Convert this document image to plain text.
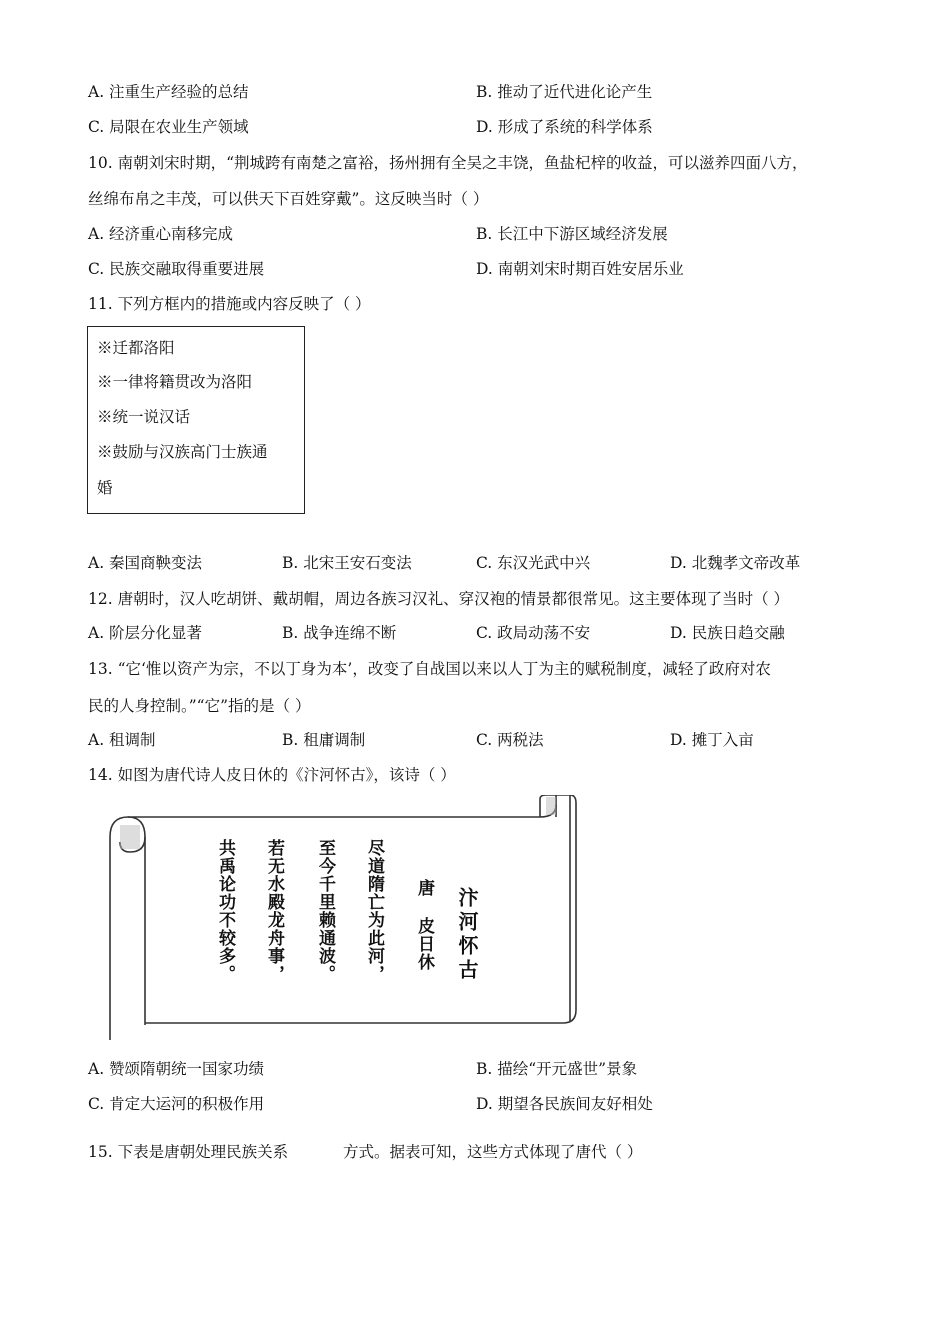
A. 注重生产经验的总结	B. 推动了近代进化论产生
C. 局限在农业生产领域	D. 形成了系统的科学体系
10. 南朝刘宋时期，“荆城跨有南楚之富裕，扬州拥有全吴之丰饶，鱼盐杞梓的收益，可以滋养四面八方，
丝绵布帛之丰茂，可以供天下百姓穿戴”。这反映当时（ ）
A. 经济重心南移完成	B. 长江中下游区域经济发展
C. 民族交融取得重要进展	D. 南朝刘宋时期百姓安居乐业
11. 下列方框内的措施或内容反映了（ ）
※迁都洛阳
※一律将籍贯改为洛阳
※统一说汉话
※鼓励与汉族高门士族通
婚
A. 秦国商鞅变法	B. 北宋王安石变法	C. 东汉光武中兴	D. 北魏孝文帝改革
12. 唐朝时，汉人吃胡饼、戴胡帽，周边各族习汉礼、穿汉袍的情景都很常见。这主要体现了当时（ ）
A. 阶层分化显著	B. 战争连绵不断	C. 政局动荡不安	D. 民族日趋交融
13. “它‘惟以资产为宗，不以丁身为本’，改变了自战国以来以人丁为主的赋税制度，减轻了政府对农
民的人身控制。”“它”指的是（ ）
A. 租调制	B. 租庸调制	C. 两税法	D. 摊丁入亩
14. 如图为唐代诗人皮日休的《汴河怀古》，该诗（ ）
汴河怀古
唐
皮日休
尽道隋亡为此河，
至今千里赖通波。
若无水殿龙舟事，
共禹论功不较多。
A. 赞颂隋朝统一国家功绩	B. 描绘“开元盛世”景象
C. 肯定大运河的积极作用	D. 期望各民族间友好相处
15. 下表是唐朝处理民族关系	方式。据表可知，这些方式体现了唐代（ ）
